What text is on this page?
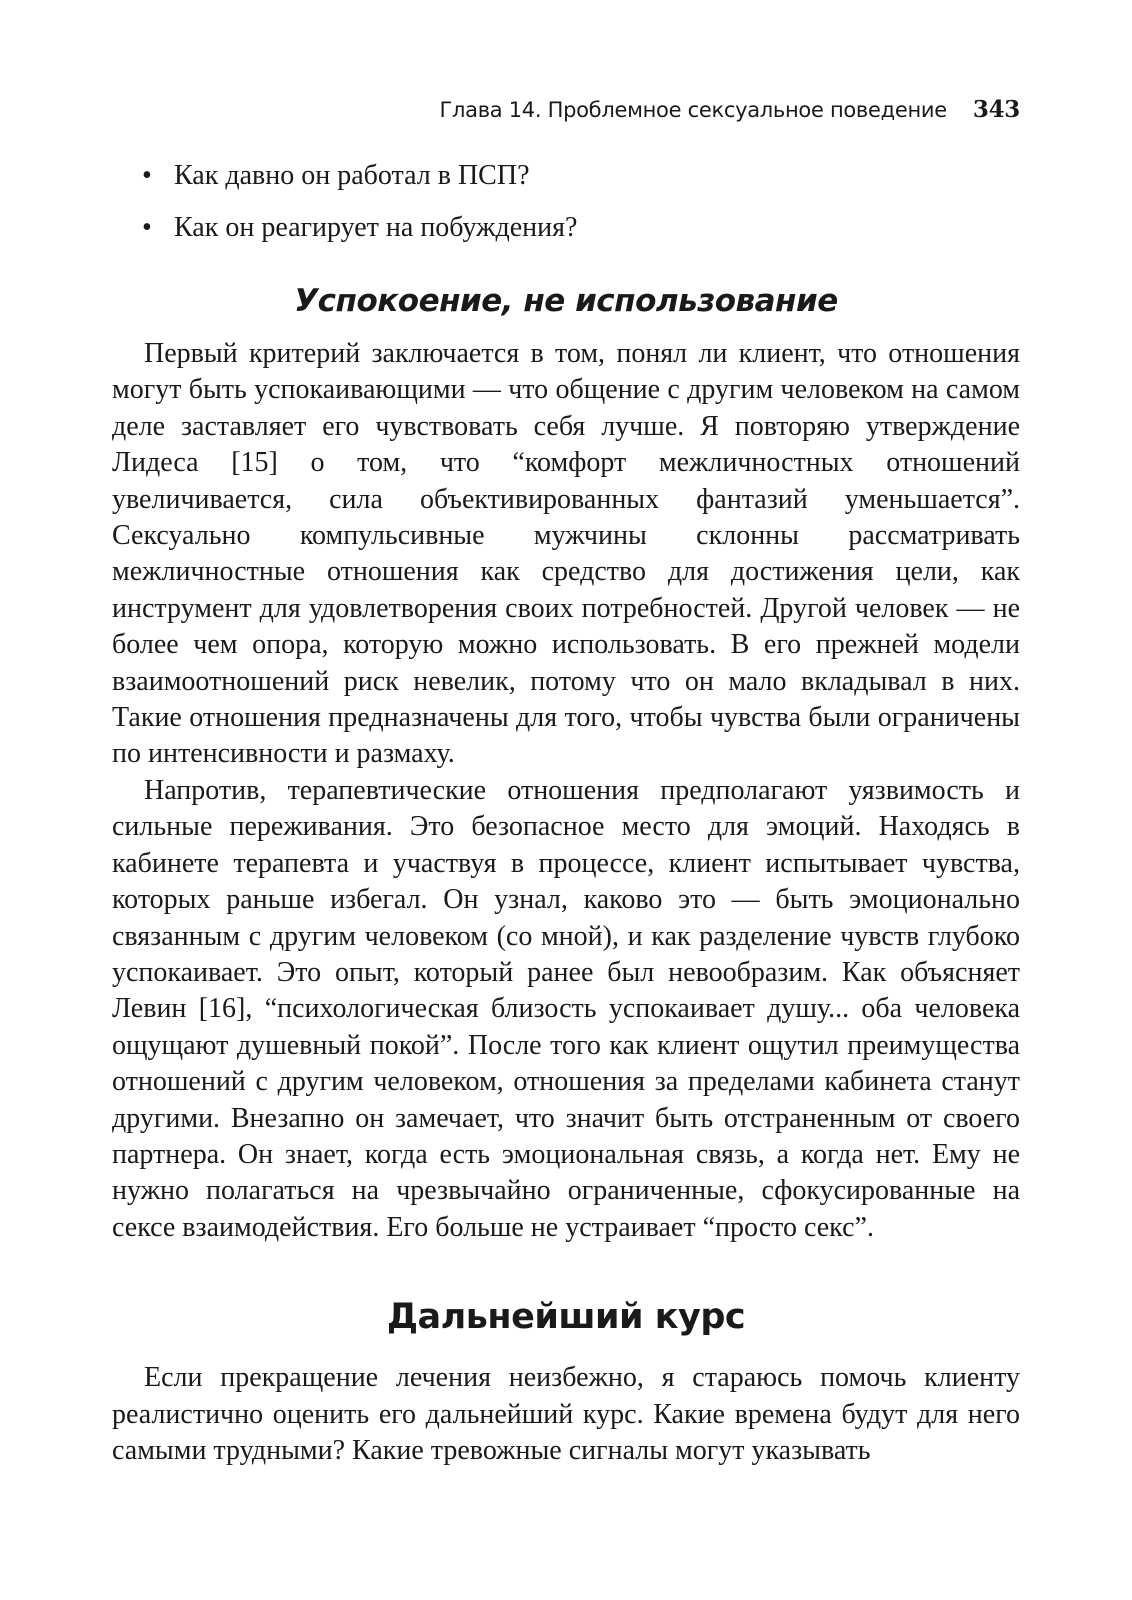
Глава 14. Проблемное сексуальное поведение 343
• Как давно он работал в ПСП?
• Как он реагирует на побуждения?
Успокоение, не использование

Первый критерий заключается в том, понял ли клиент, что отношения могут быть успокаивающими — что общение с другим человеком на самом деле заставляет его чувствовать себя лучше. Я повторяю утверждение Лидеса [15] о том, что “комфорт межличностных отношений увеличивается, сила объективированных фантазий уменьшается”. Сексуально компульсивные мужчины склонны рассматривать межличностные отношения как средство для достижения цели, как инструмент для удовлетворения своих потребностей. Другой человек — не более чем опора, которую можно использовать. В его прежней модели взаимоотношений риск невелик, потому что он мало вкладывал в них. Такие отношения предназначены для того, чтобы чувства были ограничены по интенсивности и размаху.

Напротив, терапевтические отношения предполагают уязвимость и сильные переживания. Это безопасное место для эмоций. Находясь в кабинете терапевта и участвуя в процессе, клиент испытывает чувства, которых раньше избегал. Он узнал, каково это — быть эмоционально связанным с другим человеком (со мной), и как разделение чувств глубоко успокаивает. Это опыт, который ранее был невообразим. Как объясняет Левин [16], “психологическая близость успокаивает душу... оба человека ощущают душевный покой”. После того как клиент ощутил преимущества отношений с другим человеком, отношения за пределами кабинета станут другими. Внезапно он замечает, что значит быть отстраненным от своего партнера. Он знает, когда есть эмоциональная связь, а когда нет. Ему не нужно полагаться на чрезвычайно ограниченные, сфокусированные на сексе взаимодействия. Его больше не устраивает “просто секс”.

Дальнейший курс

Если прекращение лечения неизбежно, я стараюсь помочь клиенту реалистично оценить его дальнейший курс. Какие времена будут для него самыми трудными? Какие тревожные сигналы могут указывать
